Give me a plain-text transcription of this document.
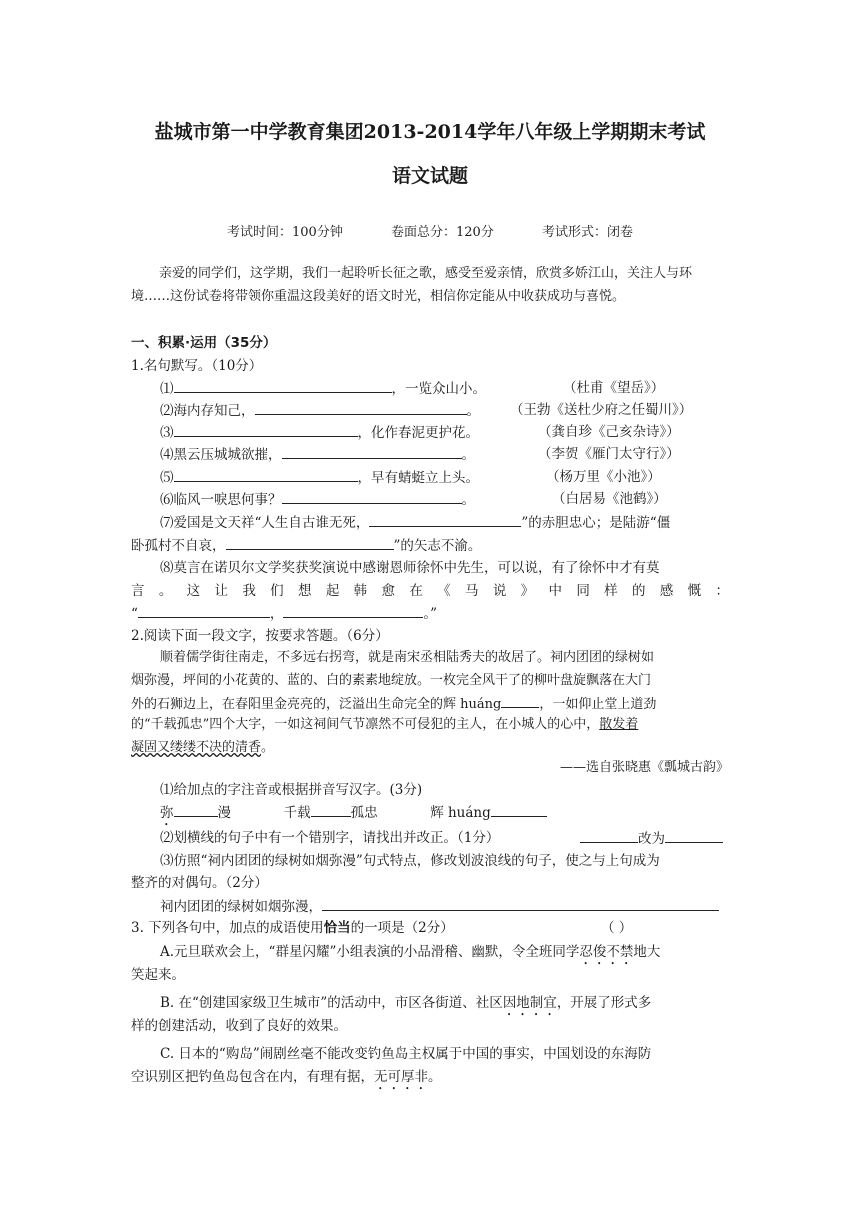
盐城市第一中学教育集团2013-2014学年八年级上学期期末考试
语文试题
考试时间：100分钟	卷面总分：120分	考试形式：闭卷
亲爱的同学们，这学期，我们一起聆听长征之歌，感受至爱亲情，欣赏多娇江山，关注人与环境……这份试卷将带领你重温这段美好的语文时光，相信你定能从中收获成功与喜悦。
一、积累·运用（35分）
1.名句默写。（10分）
⑴	，一览众山小。	（杜甫《望岳》）
⑵海内存知己，	。 （王勃《送杜少府之任蜀川》）
⑶	，化作春泥更护花。	（龚自珍《己亥杂诗》）
⑷黑云压城城欲摧，	。	（李贺《雁门太守行》）
⑸	，早有蜻蜓立上头。	（杨万里《小池》）
⑹临风一唳思何事？	。	（白居易《池鹤》）
⑺爱国是文天祥“人生自古谁无死，	”的赤胆忠心；是陆游“僵
卧孤村不自哀，	”的矢志不渝。
⑻莫言在诺贝尔文学奖获奖演说中感谢恩师徐怀中先生，可以说，有了徐怀中才有莫
言。这让我们想起韩愈在《马说》中同样的感慨：
“	，	。”
2.阅读下面一段文字，按要求答题。（6分）
顺着儒学街往南走，不多远右拐弯，就是南宋丞相陆秀夫的故居了。祠内团团的绿树如
烟弥漫，坪间的小花黄的、蓝的、白的素素地绽放。一枚完全风干了的柳叶盘旋飘落在大门
外的石狮边上，在春阳里金亮亮的，泛溢出生命完全的辉 huáng	，一如仰止堂上道劲
的“千载孤忠”四个大字，一如这祠间气节凛然不可侵犯的主人，在小城人的心中，散发着
凝固又缕缕不决的清香。
——选自张晓惠《瓢城古韵》
⑴给加点的字注音或根据拼音写汉字。(3分)
弥	漫	千载	孤忠	辉 huáng
⑵划横线的句子中有一个错别字，请找出并改正。（1分）	改为
⑶仿照“祠内团团的绿树如烟弥漫”句式特点，修改划波浪线的句子，使之与上句成为
整齐的对偶句。（2分）
祠内团团的绿树如烟弥漫，
3. 下列各句中，加点的成语使用恰当的一项是（2分）	（ ）
A.元旦联欢会上，“群星闪耀”小组表演的小品滑稽、幽默，令全班同学忍俊不禁地大
笑起来。
B. 在“创建国家级卫生城市”的活动中，市区各街道、社区因地制宜，开展了形式多
样的创建活动，收到了良好的效果。
C. 日本的“购岛”闹剧丝毫不能改变钓鱼岛主权属于中国的事实，中国划设的东海防
空识别区把钓鱼岛包含在内，有理有据，无可厚非。
